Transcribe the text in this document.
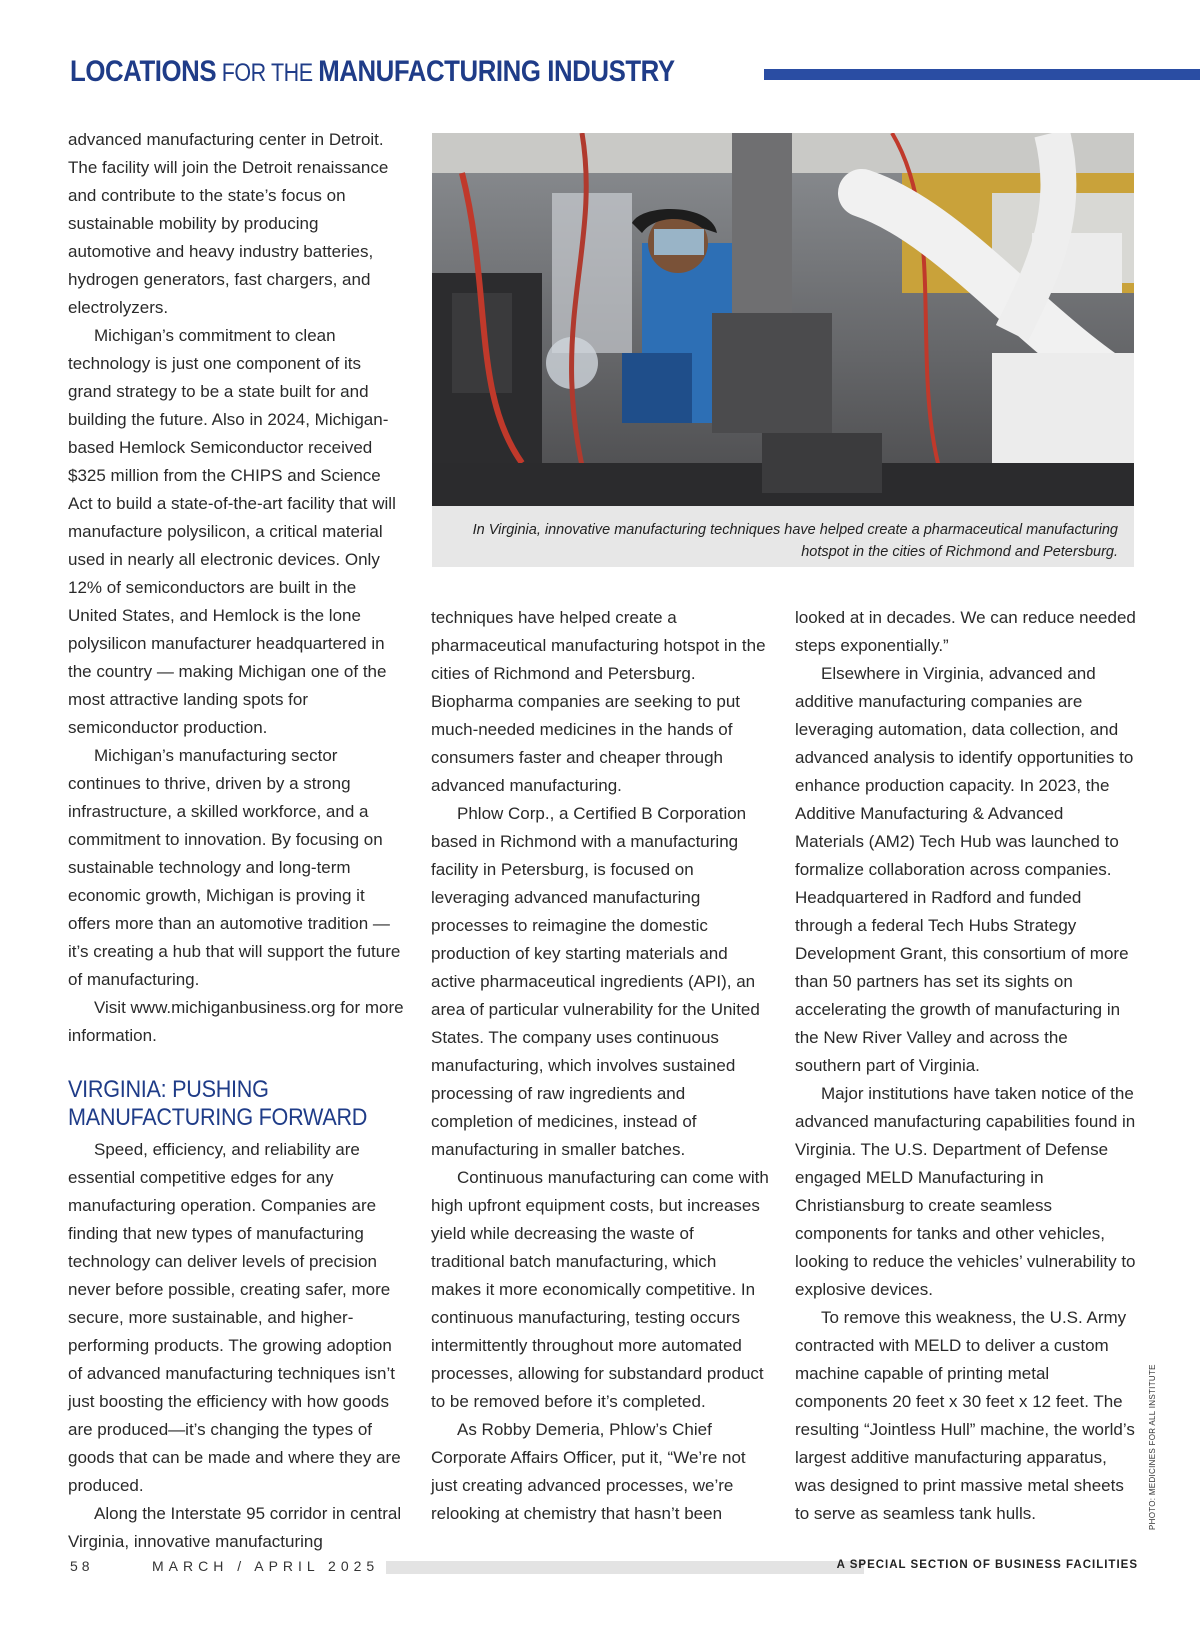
LOCATIONS FOR THE MANUFACTURING INDUSTRY

advanced manufacturing center in Detroit. The facility will join the Detroit renaissance and contribute to the state’s focus on sustainable mobility by producing automotive and heavy industry batteries, hydrogen generators, fast chargers, and electrolyzers.

Michigan’s commitment to clean technology is just one component of its grand strategy to be a state built for and building the future. Also in 2024, Michigan-based Hemlock Semiconductor received $325 million from the CHIPS and Science Act to build a state-of-the-art facility that will manufacture polysilicon, a critical material used in nearly all electronic devices. Only 12% of semiconductors are built in the United States, and Hemlock is the lone polysilicon manufacturer headquartered in the country — making Michigan one of the most attractive landing spots for semiconductor production.

Michigan’s manufacturing sector continues to thrive, driven by a strong infrastructure, a skilled workforce, and a commitment to innovation. By focusing on sustainable technology and long-term economic growth, Michigan is proving it offers more than an automotive tradition — it’s creating a hub that will support the future of manufacturing.

Visit www.michiganbusiness.org for more information.

VIRGINIA: PUSHING MANUFACTURING FORWARD

Speed, efficiency, and reliability are essential competitive edges for any manufacturing operation. Companies are finding that new types of manufacturing technology can deliver levels of precision never before possible, creating safer, more secure, more sustainable, and higher-performing products. The growing adoption of advanced manufacturing techniques isn’t just boosting the efficiency with how goods are produced—it’s changing the types of goods that can be made and where they are produced.

Along the Interstate 95 corridor in central Virginia, innovative manufacturing

In Virginia, innovative manufacturing techniques have helped create a pharmaceutical manufacturing
hotspot in the cities of Richmond and Petersburg.

techniques have helped create a pharmaceutical manufacturing hotspot in the cities of Richmond and Petersburg. Biopharma companies are seeking to put much-needed medicines in the hands of consumers faster and cheaper through advanced manufacturing.

Phlow Corp., a Certified B Corporation based in Richmond with a manufacturing facility in Petersburg, is focused on leveraging advanced manufacturing processes to reimagine the domestic production of key starting materials and active pharmaceutical ingredients (API), an area of particular vulnerability for the United States. The company uses continuous manufacturing, which involves sustained processing of raw ingredients and completion of medicines, instead of manufacturing in smaller batches.

Continuous manufacturing can come with high upfront equipment costs, but increases yield while decreasing the waste of traditional batch manufacturing, which makes it more economically competitive. In continuous manufacturing, testing occurs intermittently throughout more automated processes, allowing for substandard product to be removed before it’s completed.

As Robby Demeria, Phlow’s Chief Corporate Affairs Officer, put it, “We’re not just creating advanced processes, we’re relooking at chemistry that hasn’t been

looked at in decades. We can reduce needed steps exponentially.”

Elsewhere in Virginia, advanced and additive manufacturing companies are leveraging automation, data collection, and advanced analysis to identify opportunities to enhance production capacity. In 2023, the Additive Manufacturing & Advanced Materials (AM2) Tech Hub was launched to formalize collaboration across companies. Headquartered in Radford and funded through a federal Tech Hubs Strategy Development Grant, this consortium of more than 50 partners has set its sights on accelerating the growth of manufacturing in the New River Valley and across the southern part of Virginia.

Major institutions have taken notice of the advanced manufacturing capabilities found in Virginia. The U.S. Department of Defense engaged MELD Manufacturing in Christiansburg to create seamless components for tanks and other vehicles, looking to reduce the vehicles’ vulnerability to explosive devices.

To remove this weakness, the U.S. Army contracted with MELD to deliver a custom machine capable of printing metal components 20 feet x 30 feet x 12 feet. The resulting “Jointless Hull” machine, the world’s largest additive manufacturing apparatus, was designed to print massive metal sheets to serve as seamless tank hulls.	PHOTO: MEDICINES FOR ALL INSTITUTE
58	MARCH / APRIL 2025	A SPECIAL SECTION OF BUSINESS FACILITIES
